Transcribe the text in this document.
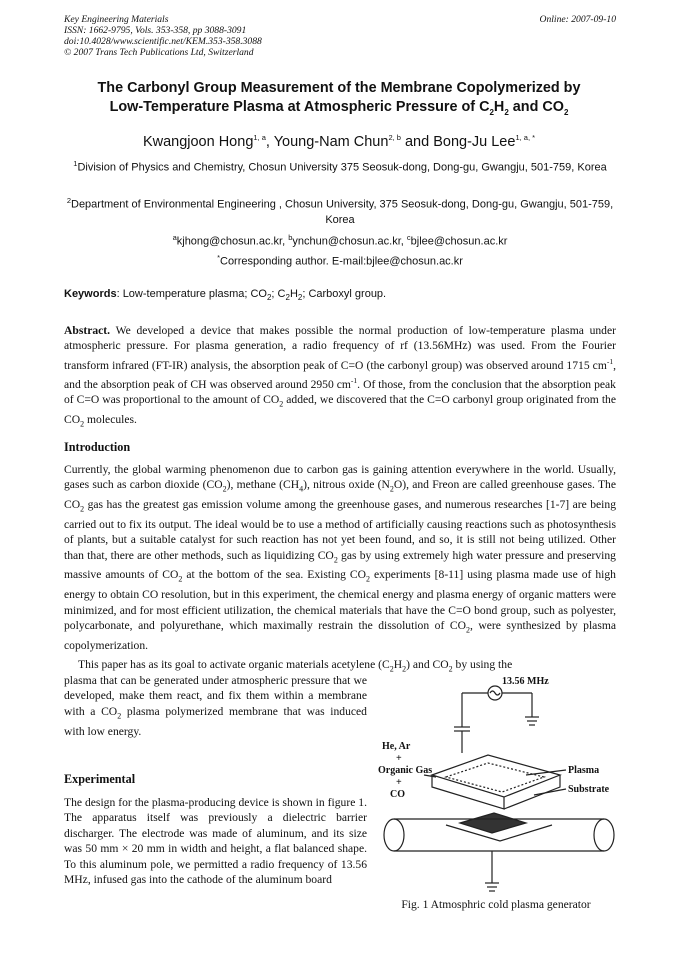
Key Engineering Materials
ISSN: 1662-9795, Vols. 353-358, pp 3088-3091
doi:10.4028/www.scientific.net/KEM.353-358.3088
© 2007 Trans Tech Publications Ltd, Switzerland
Online: 2007-09-10
The Carbonyl Group Measurement of the Membrane Copolymerized by
Low-Temperature Plasma at Atmospheric Pressure of $C_2H_2$ and $CO_2$
Kwangjoon Hong$^{1, a}$, Young-Nam Chun$^{2, b}$ and Bong-Ju Lee$^{1, a, *}$
$^1$Division of Physics and Chemistry, Chosun University 375 Seosuk-dong, Dong-gu, Gwangju, 501-759, Korea
$^2$Department of Environmental Engineering , Chosun University, 375 Seosuk-dong, Dong-gu, Gwangju, 501-759, Korea
$^a$kjhong@chosun.ac.kr, $^b$ynchun@chosun.ac.kr, $^c$bjlee@chosun.ac.kr
*Corresponding author. E-mail:bjlee@chosun.ac.kr
Keywords: Low-temperature plasma; $CO_2$; $C_2H_2$; Carboxyl group.
Abstract. We developed a device that makes possible the normal production of low-temperature plasma under atmospheric pressure. For plasma generation, a radio frequency of rf (13.56MHz) was used. From the Fourier transform infrared (FT-IR) analysis, the absorption peak of C=O (the carbonyl group) was observed around 1715 $cm^{-1}$, and the absorption peak of CH was observed around 2950 $cm^{-1}$. Of those, from the conclusion that the absorption peak of C=O was proportional to the amount of $CO_2$ added, we discovered that the C=O carbonyl group originated from the $CO_2$ molecules.
Introduction
Currently, the global warming phenomenon due to carbon gas is gaining attention everywhere in the world. Usually, gases such as carbon dioxide $(CO_2)$, methane $(CH_4)$, nitrous oxide $(N_2O)$, and Freon are called greenhouse gases. The $CO_2$ gas has the greatest gas emission volume among the greenhouse gases, and numerous researches [1-7] are being carried out to fix its output. The ideal would be to use a method of artificially causing reactions such as photosynthesis of plants, but a suitable catalyst for such reaction has not yet been found, and so, it is still not being utilized. Other than that, there are other methods, such as liquidizing $CO_2$ gas by using extremely high water pressure and preserving massive amounts of $CO_2$ at the bottom of the sea. Existing $CO_2$ experiments [8-11] using plasma made use of high energy to obtain CO resolution, but in this experiment, the chemical energy and plasma energy of organic matters were minimized, and for most efficient utilization, the chemical materials that have the C=O bond group, such as polyester, polycarbonate, and polyurethane, which maximally restrain the dissolution of $CO_2$, were synthesized by plasma copolymerization.
This paper has as its goal to activate organic materials acetylene $(C_2H_2)$ and $CO_2$ by using the
plasma that can be generated under atmospheric pressure that we developed, make them react, and fix them within a membrane with a $CO_2$ plasma polymerized membrane that was induced with low energy.
Experimental
The design for the plasma-producing device is shown in figure 1. The apparatus itself was previously a dielectric barrier discharger. The electrode was made of aluminum, and its size was 50 mm × 20 mm in width and height, a flat balanced shape. To this aluminum pole, we permitted a radio frequency of 13.56 MHz, infused gas into the cathode of the aluminum board
13.56 MHz
He, Ar
+
Organic Gas
+
CO
Plasma
Substrate
Fig. 1 Atmosphric cold plasma generator
